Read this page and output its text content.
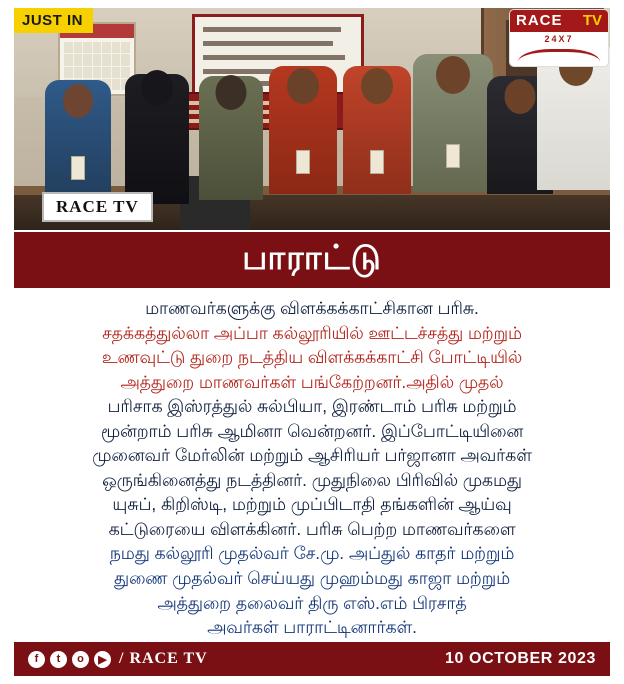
RACE TV
JUST IN	RACE TV
24X7
பாராட்டு

மாணவர்களுக்கு விளக்கக்காட்சிகான பரிசு.

சதக்கத்துல்லா அப்பா கல்லூரியில் ஊட்டச்சத்து மற்றும்

உணவுட்டு துறை நடத்திய விளக்கக்காட்சி போட்டியில்

அத்துறை மாணவர்கள் பங்கேற்றனர்.அதில் முதல்

பரிசாக இஸ்ரத்துல் சுல்பியா, இரண்டாம் பரிசு மற்றும்

மூன்றாம் பரிசு ஆமினா வென்றனர். இப்போட்டியினை

முனைவர் மேர்லின் மற்றும் ஆசிரியர் பர்ஜானா அவர்கள்

ஒருங்கினைத்து நடத்தினர். முதுநிலை பிரிவில் முகமது

யுசுப், கிறிஸ்டி, மற்றும் முப்பிடாதி தங்களின் ஆய்வு

கட்டுரையை விளக்கினர். பரிசு பெற்ற மாணவர்களை

நமது கல்லூரி முதல்வர் சே.மு. அப்துல் காதர் மற்றும்

துணை முதல்வர் செய்யது முஹம்மது காஜா மற்றும்

அத்துறை தலைவர் திரு எஸ்.எம் பிரசாத்

அவர்கள் பாராட்டினார்கள்.

f	t	o	▶ / RACE TV	10 OCTOBER 2023
